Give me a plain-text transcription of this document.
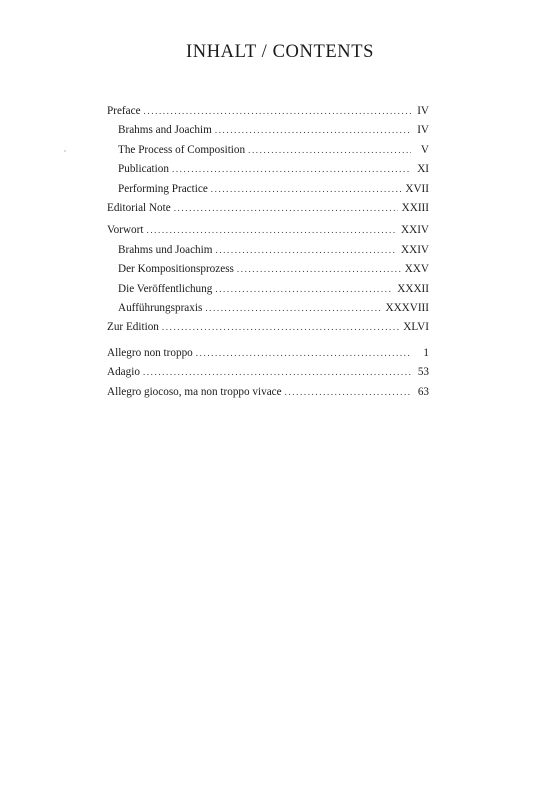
INHALT / CONTENTS
Preface .....	IV
Brahms and Joachim .....	IV
The Process of Composition .....	V
Publication .....	XI
Performing Practice .....	XVII
Editorial Note .....	XXIII
Vorwort .....	XXIV
Brahms und Joachim .....	XXIV
Der Kompositionsprozess .....	XXV
Die Veröffentlichung .....	XXXII
Aufführungspraxis .....	XXXVIII
Zur Edition .....	XLVI
Allegro non troppo .....	1
Adagio .....	53
Allegro giocoso, ma non troppo vivace .....	63
